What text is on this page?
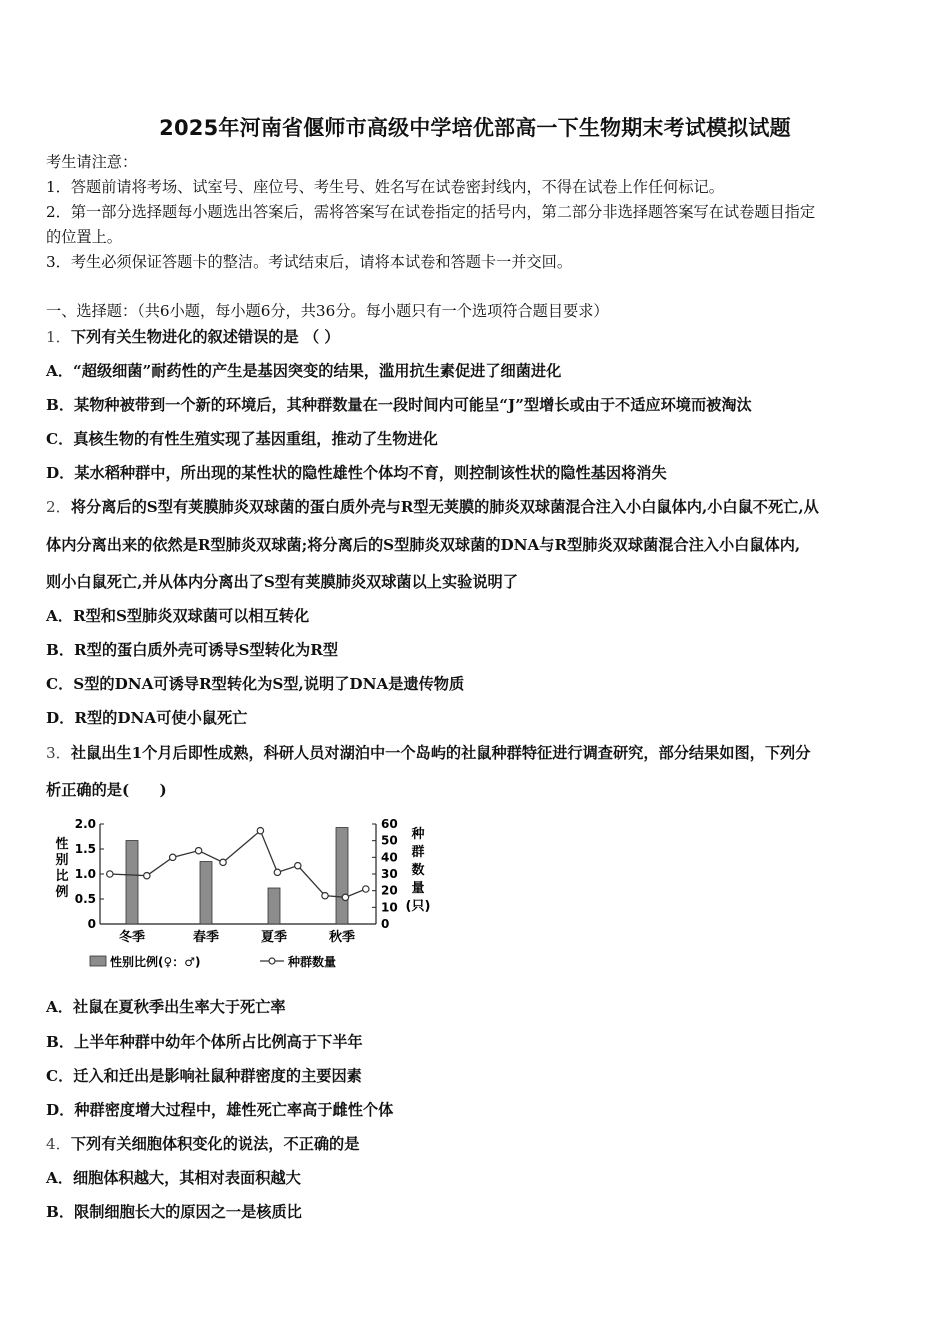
2025年河南省偃师市高级中学培优部高一下生物期末考试模拟试题
考生请注意：
1．答题前请将考场、试室号、座位号、考生号、姓名写在试卷密封线内，不得在试卷上作任何标记。
2．第一部分选择题每小题选出答案后，需将答案写在试卷指定的括号内，第二部分非选择题答案写在试卷题目指定
的位置上。
3．考生必须保证答题卡的整洁。考试结束后，请将本试卷和答题卡一并交回。
一、选择题：（共6小题，每小题6分，共36分。每小题只有一个选项符合题目要求）
1．下列有关生物进化的叙述错误的是 （ ）
A．“超级细菌”耐药性的产生是基因突变的结果，滥用抗生素促进了细菌进化
B．某物种被带到一个新的环境后，其种群数量在一段时间内可能呈“J”型增长或由于不适应环境而被淘汰
C．真核生物的有性生殖实现了基因重组，推动了生物进化
D．某水稻种群中，所出现的某性状的隐性雄性个体均不育，则控制该性状的隐性基因将消失
2．将分离后的S型有荚膜肺炎双球菌的蛋白质外壳与R型无荚膜的肺炎双球菌混合注入小白鼠体内,小白鼠不死亡,从
体内分离出来的依然是R型肺炎双球菌;将分离后的S型肺炎双球菌的DNA与R型肺炎双球菌混合注入小白鼠体内,
则小白鼠死亡,并从体内分离出了S型有荚膜肺炎双球菌以上实验说明了
A．R型和S型肺炎双球菌可以相互转化
B．R型的蛋白质外壳可诱导S型转化为R型
C．S型的DNA可诱导R型转化为S型,说明了DNA是遗传物质
D．R型的DNA可使小鼠死亡
3．社鼠出生1个月后即性成熟，科研人员对湖泊中一个岛屿的社鼠种群特征进行调查研究，部分结果如图，下列分
析正确的是(　　)
0
0.5
1.0
1.5
2.0
0
10
20
30
40
50
60
性
别
比
例
种
群
数
量
(只)
冬季	春季	夏季	秋季
性别比例(♀：♂)	种群数量
A．社鼠在夏秋季出生率大于死亡率
B．上半年种群中幼年个体所占比例高于下半年
C．迁入和迁出是影响社鼠种群密度的主要因素
D．种群密度增大过程中，雄性死亡率高于雌性个体
4．下列有关细胞体积变化的说法，不正确的是
A．细胞体积越大，其相对表面积越大
B．限制细胞长大的原因之一是核质比
